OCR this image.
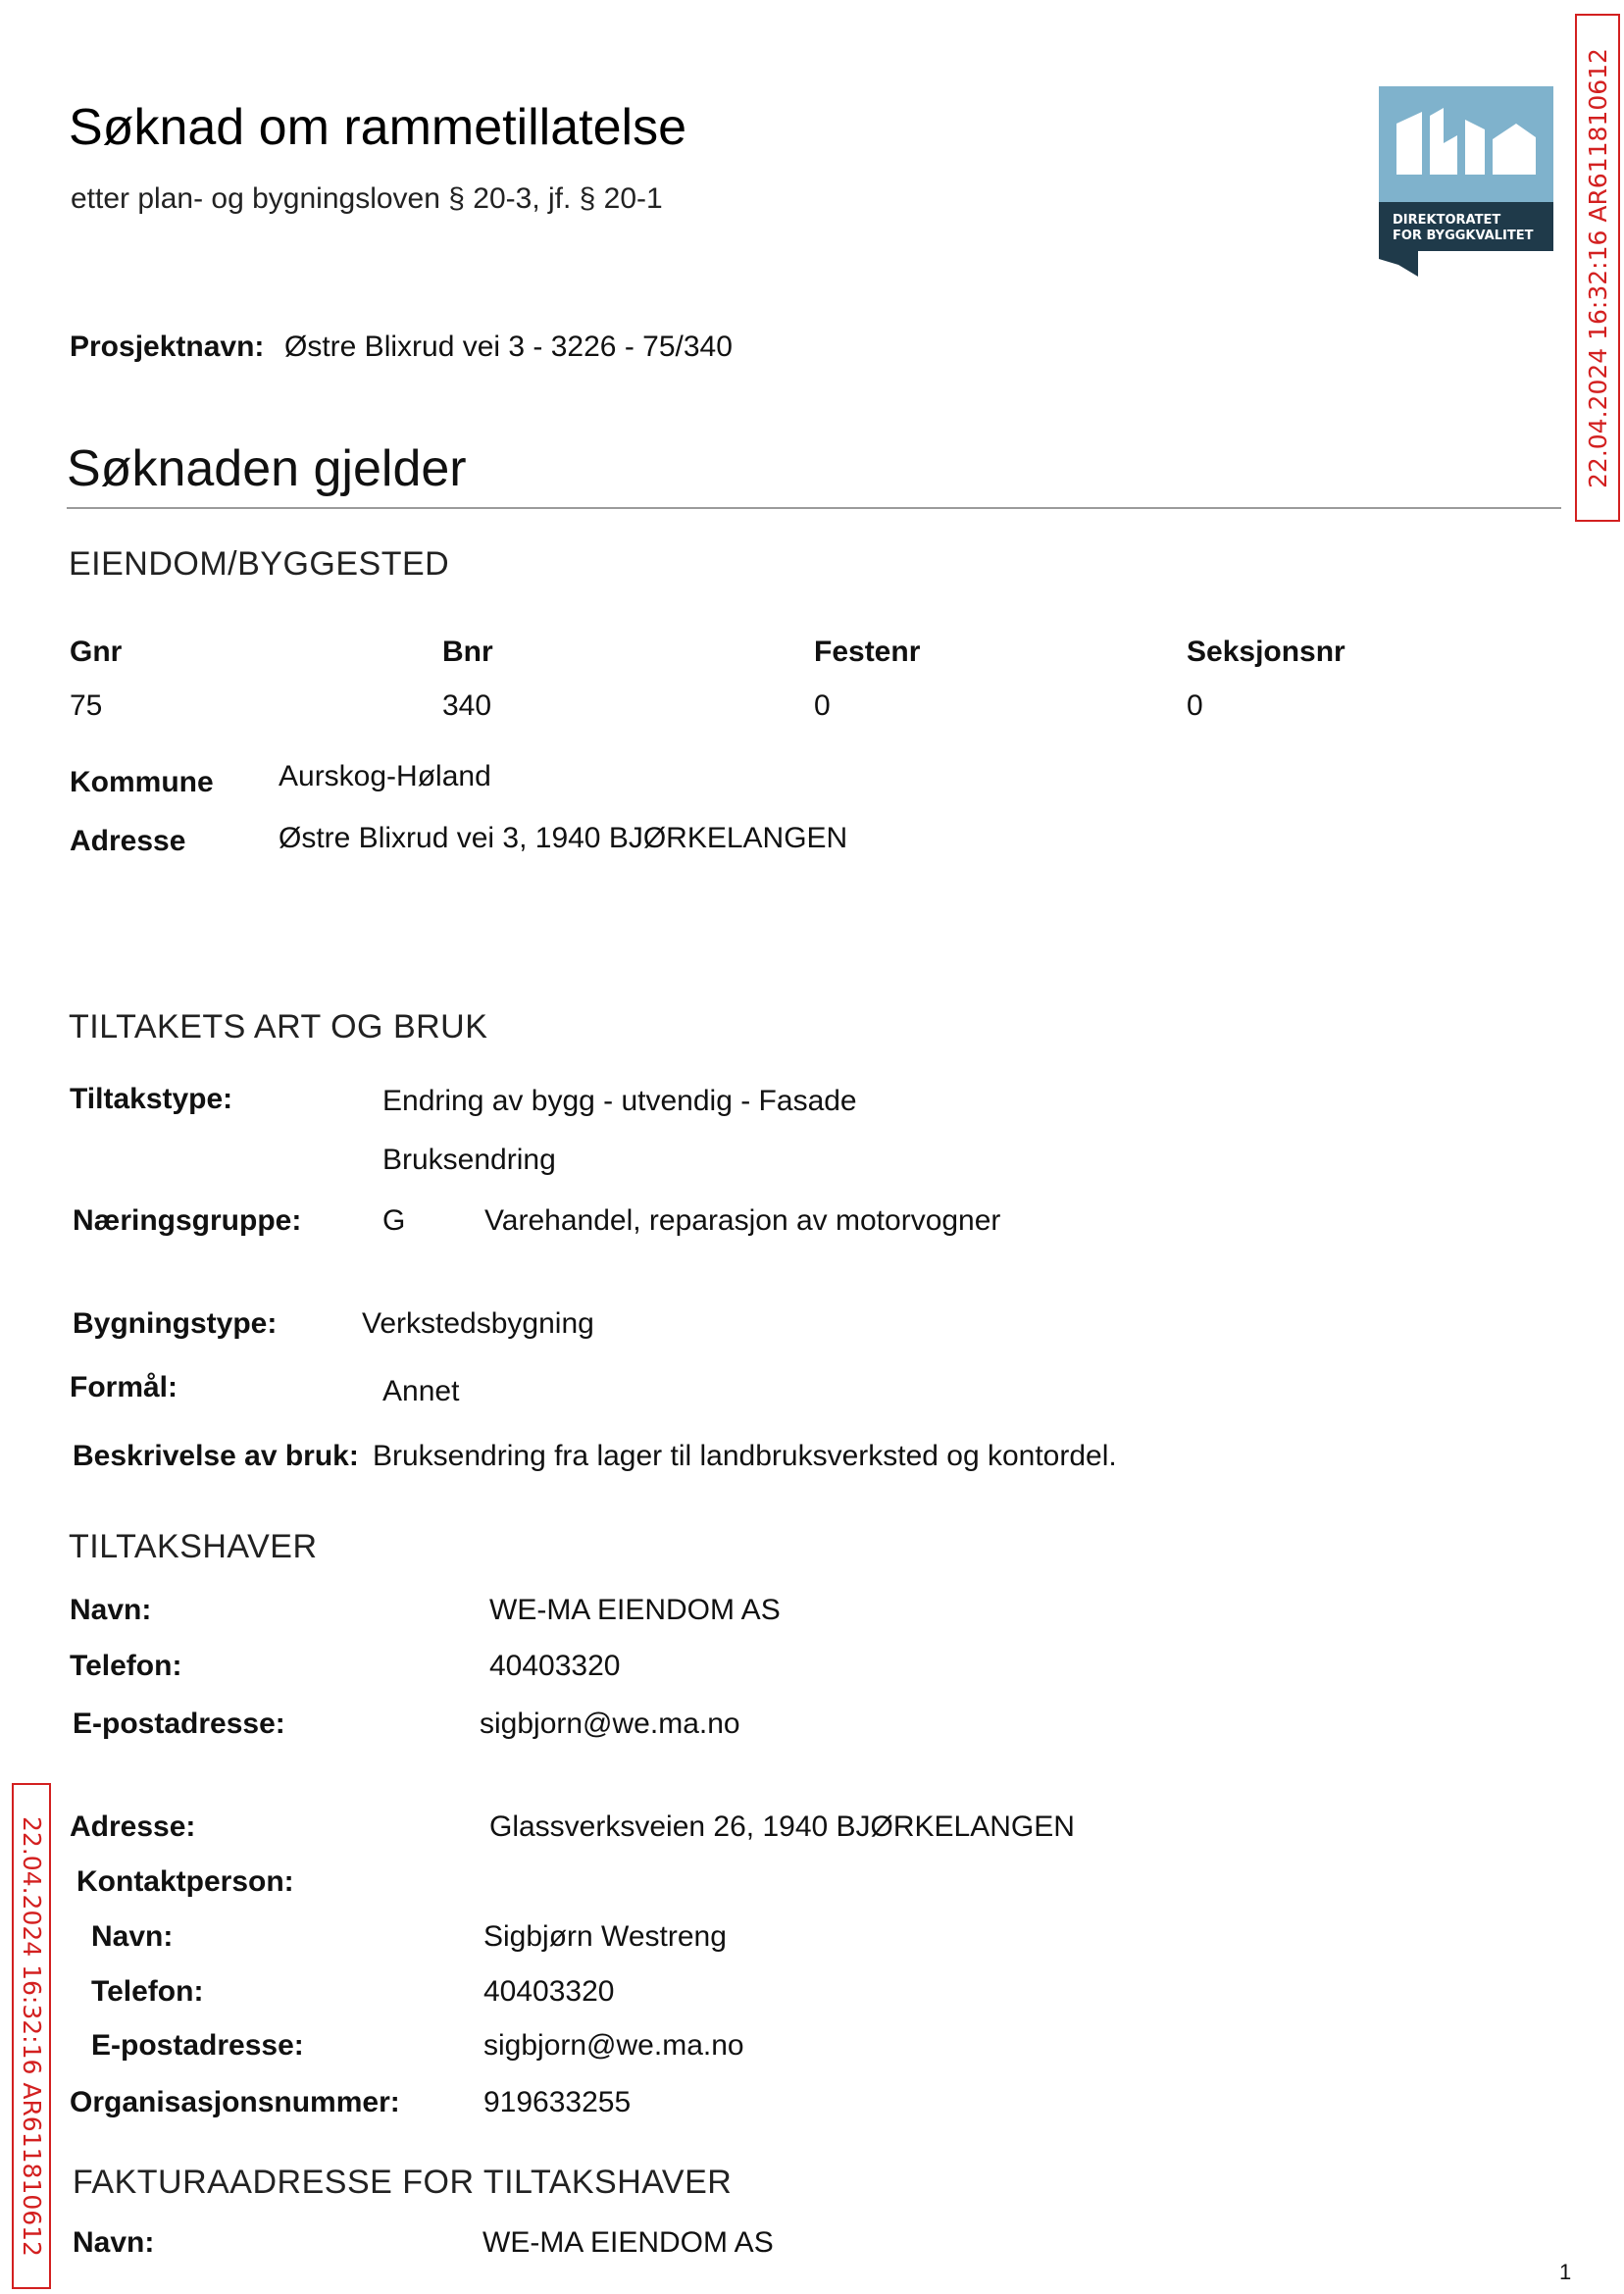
Søknad om rammetillatelse
etter plan- og bygningsloven § 20-3, jf. § 20-1
DIREKTORATET
FOR BYGGKVALITET 22.04.2024 16:32:16 AR611810612
22.04.2024 16:32:16 AR611810612
Prosjektnavn: Østre Blixrud vei 3 - 3226 - 75/340
Søknaden gjelder
EIENDOM/BYGGESTED
Gnr	Bnr	Festenr	Seksjonsnr
75	340	0	0
Kommune Aurskog-Høland
Adresse	Østre Blixrud vei 3, 1940 BJØRKELANGEN
TILTAKETS ART OG BRUK
Tiltakstype:	Endring av bygg - utvendig - Fasade
Bruksendring
Næringsgruppe:	G	Varehandel, reparasjon av motorvogner
Bygningstype:	Verkstedsbygning
Formål:	Annet
Beskrivelse av bruk: Bruksendring fra lager til landbruksverksted og kontordel.
TILTAKSHAVER
Navn:	WE-MA EIENDOM AS
Telefon:	40403320
E-postadresse:	sigbjorn@we.ma.no
Adresse:	Glassverksveien 26, 1940 BJØRKELANGEN
Kontaktperson:
Navn:	Sigbjørn Westreng
Telefon:	40403320
E-postadresse:	sigbjorn@we.ma.no
Organisasjonsnummer:	919633255
FAKTURAADRESSE FOR TILTAKSHAVER
Navn:	WE-MA EIENDOM AS
1
